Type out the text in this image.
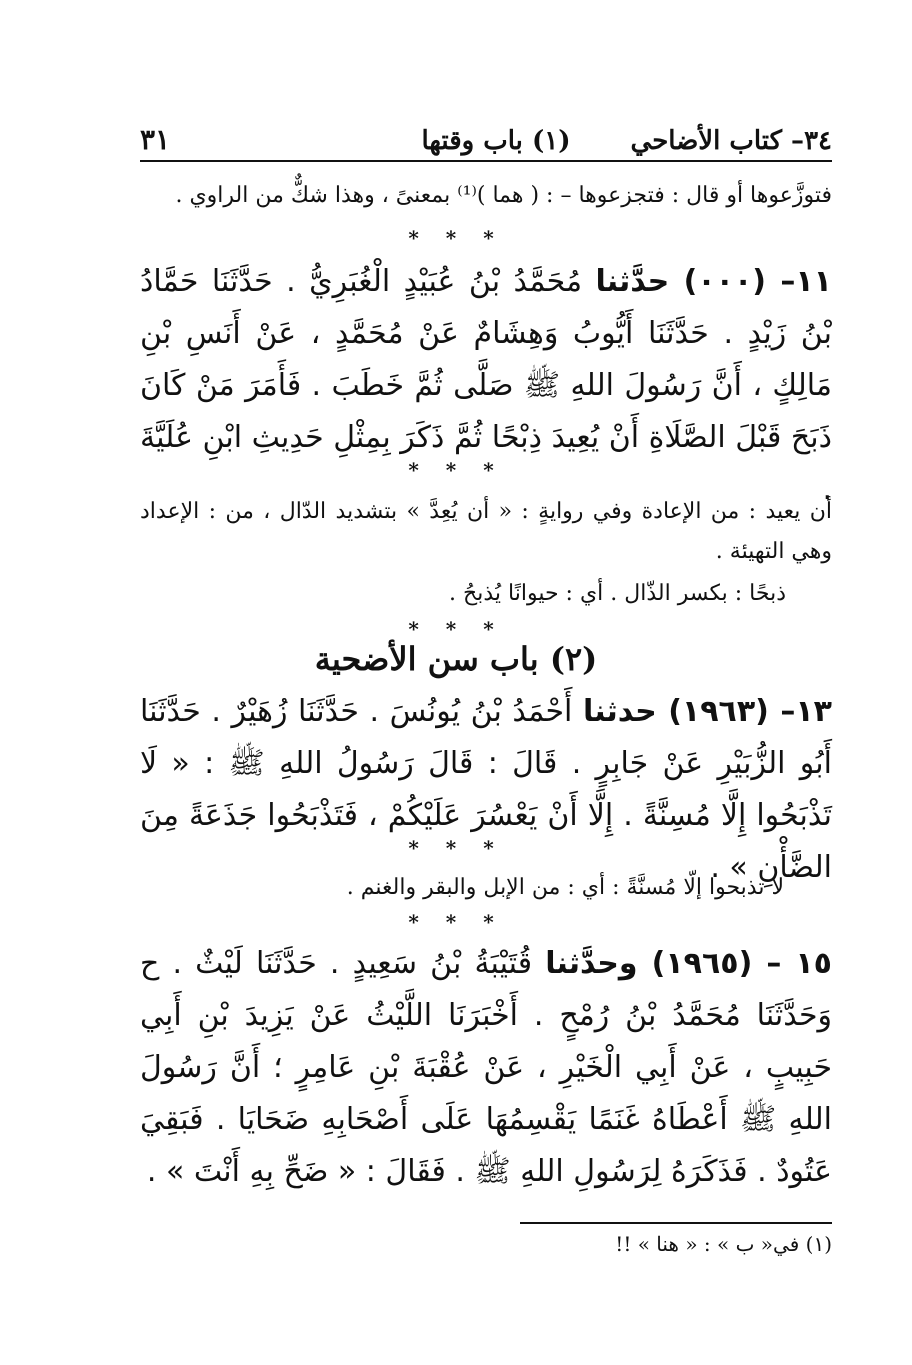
٣٤– كتاب الأضاحي
(١) باب وقتها
٣١
فتوزَّعوها أو قال : فتجزعوها – : ( هما )⁽¹⁾ بمعنىً ، وهذا شكٌّ من الراوي .
* * *
١١– (٠٠٠) حدَّثنا مُحَمَّدُ بْنُ عُبَيْدٍ الْغُبَرِيُّ . حَدَّثَنَا حَمَّادُ بْنُ زَيْدٍ . حَدَّثَنَا أَيُّوبُ وَهِشَامٌ عَنْ مُحَمَّدٍ ، عَنْ أَنَسِ بْنِ مَالِكٍ ، أَنَّ رَسُولَ اللهِ ﷺ صَلَّى ثُمَّ خَطَبَ . فَأَمَرَ مَنْ كَانَ ذَبَحَ قَبْلَ الصَّلَاةِ أَنْ يُعِيدَ ذِبْحًا ثُمَّ ذَكَرَ بِمِثْلِ حَدِيثِ ابْنِ عُلَيَّةَ .
* * *
أن يعيد : من الإعادة وفي روايةٍ : « أن يُعِدَّ » بتشديد الدّال ، من : الإعداد وهي التهيئة .
ذبحًا : بكسر الذّال . أي : حيوانًا يُذبحُ .
* * *
(٢) باب سن الأضحية
١٣– (١٩٦٣) حدثنا أَحْمَدُ بْنُ يُونُسَ . حَدَّثَنَا زُهَيْرٌ . حَدَّثَنَا أَبُو الزُّبَيْرِ عَنْ جَابِرٍ . قَالَ : قَالَ رَسُولُ اللهِ ﷺ : « لَا تَذْبَحُوا إِلَّا مُسِنَّةً . إِلَّا أَنْ يَعْسُرَ عَلَيْكُمْ ، فَتَذْبَحُوا جَذَعَةً مِنَ الضَّأْنِ » .
* * *
لا تذبحوا إلّا مُسنَّةً : أي : من الإبل والبقر والغنم .
* * *
١٥ – (١٩٦٥) وحدَّثنا قُتَيْبَةُ بْنُ سَعِيدٍ . حَدَّثَنَا لَيْثٌ . ح وَحَدَّثَنَا مُحَمَّدُ بْنُ رُمْحٍ . أَخْبَرَنَا اللَّيْثُ عَنْ يَزِيدَ بْنِ أَبِي حَبِيبٍ ، عَنْ أَبِي الْخَيْرِ ، عَنْ عُقْبَةَ بْنِ عَامِرٍ ؛ أَنَّ رَسُولَ اللهِ ﷺ أَعْطَاهُ غَنَمًا يَقْسِمُهَا عَلَى أَصْحَابِهِ ضَحَايَا . فَبَقِيَ عَتُودٌ . فَذَكَرَهُ لِرَسُولِ اللهِ ﷺ . فَقَالَ : « ضَحِّ بِهِ أَنْتَ » .
(١) في« ب » : « هنا » !!
